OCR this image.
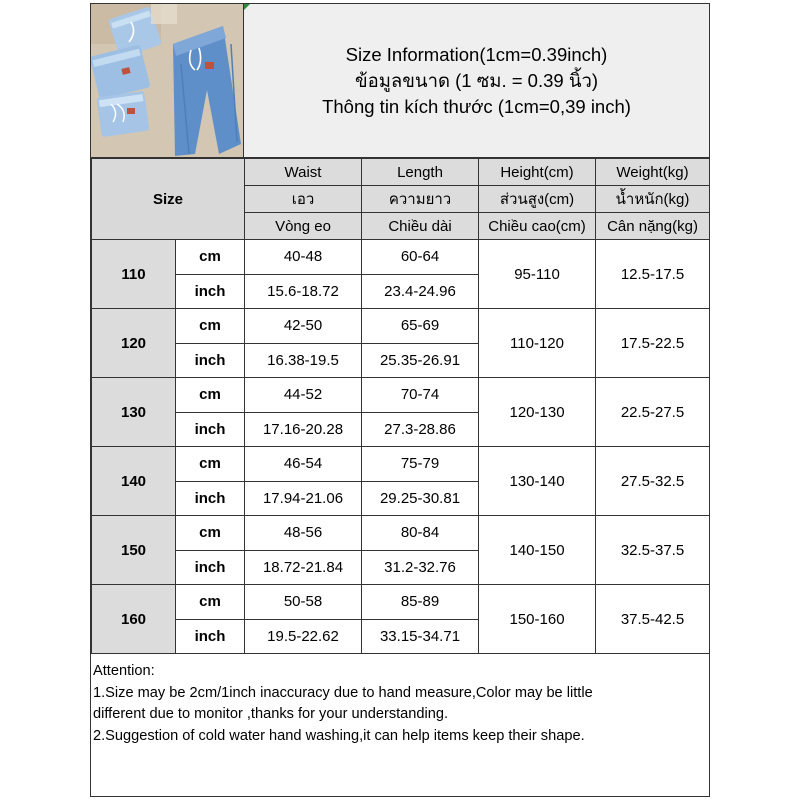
Size Information(1cm=0.39inch)
ข้อมูลขนาด (1 ซม. = 0.39 นิ้ว)
Thông tin kích thước (1cm=0,39 inch)
Size		Waist	Length	Height(cm)	Weight(kg)
		เอว	ความยาว	ส่วนสูง(cm)	น้ำหนัก(kg)
		Vòng eo	Chiều dài	Chiều cao(cm)	Cân nặng(kg)
110	cm	40-48	60-64	95-110	12.5-17.5
	inch	15.6-18.72	23.4-24.96		
120	cm	42-50	65-69	110-120	17.5-22.5
	inch	16.38-19.5	25.35-26.91		
130	cm	44-52	70-74	120-130	22.5-27.5
	inch	17.16-20.28	27.3-28.86		
140	cm	46-54	75-79	130-140	27.5-32.5
	inch	17.94-21.06	29.25-30.81		
150	cm	48-56	80-84	140-150	32.5-37.5
	inch	18.72-21.84	31.2-32.76		
160	cm	50-58	85-89	150-160	37.5-42.5
	inch	19.5-22.62	33.15-34.71		
Attention:
1.Size may be 2cm/1inch inaccuracy due to hand measure,Color may be little
different due to monitor ,thanks for your understanding.
2.Suggestion of cold water hand washing,it can help items keep their shape.
